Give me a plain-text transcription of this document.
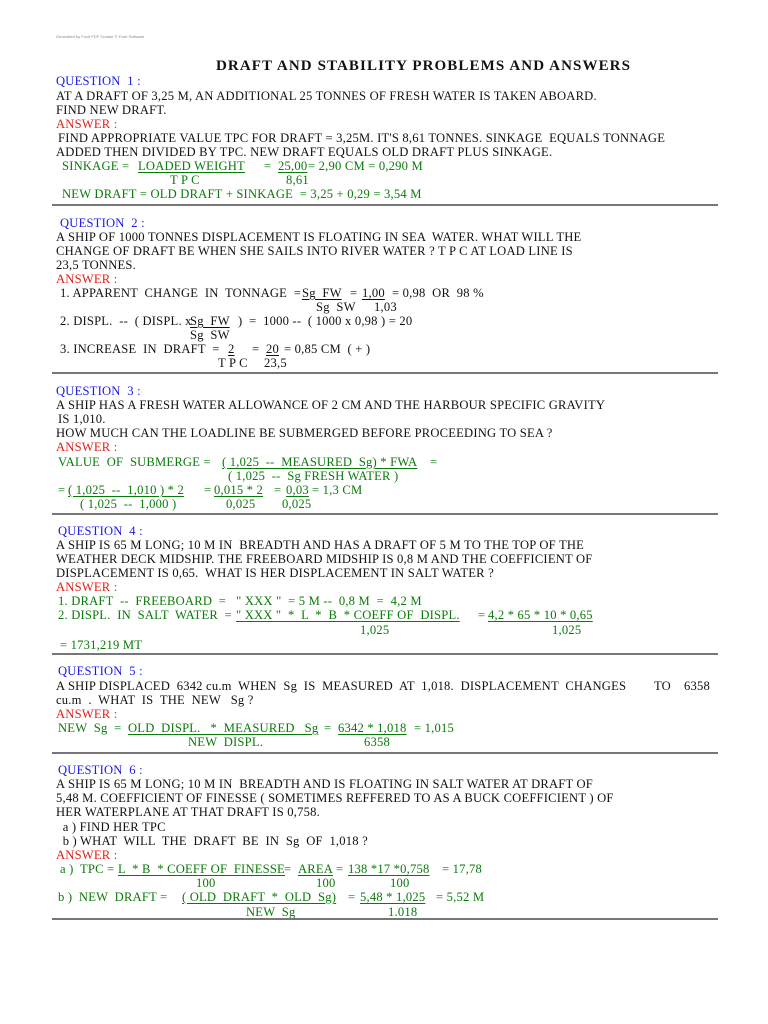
Generated by Foxit PDF Creator © Foxit Software
DRAFT AND STABILITY PROBLEMS AND ANSWERS
QUESTION  1 :
AT A DRAFT OF 3,25 M, AN ADDITIONAL 25 TONNES OF FRESH WATER IS TAKEN ABOARD.
FIND NEW DRAFT.
ANSWER :
FIND APPROPRIATE VALUE TPC FOR DRAFT = 3,25M. IT'S 8,61 TONNES. SINKAGE  EQUALS TONNAGE
ADDED THEN DIVIDED BY TPC. NEW DRAFT EQUALS OLD DRAFT PLUS SINKAGE.
SINKAGE = LOADED WEIGHT = 25,00 = 2,90 CM = 0,290 M
T P C	8,61
NEW DRAFT = OLD DRAFT + SINKAGE  = 3,25 + 0,29 = 3,54 M
QUESTION  2 :
A SHIP OF 1000 TONNES DISPLACEMENT IS FLOATING IN SEA  WATER. WHAT WILL THE
CHANGE OF DRAFT BE WHEN SHE SAILS INTO RIVER WATER ? T P C AT LOAD LINE IS
23,5 TONNES.
ANSWER :
1. APPARENT  CHANGE  IN  TONNAGE  = Sg  FW = 1,00 = 0,98  OR  98 %
Sg  SW 1,03
2. DISPL.  --  ( DISPL. x
Sg  FW )  =  1000 --  ( 1000 x 0,98 ) = 20
Sg  SW
3. INCREASE  IN  DRAFT  = 2	= 20 = 0,85 CM  ( + )
T P C 23,5
QUESTION  3 :
A SHIP HAS A FRESH WATER ALLOWANCE OF 2 CM AND THE HARBOUR SPECIFIC GRAVITY
IS 1,010.
HOW MUCH CAN THE LOADLINE BE SUBMERGED BEFORE PROCEEDING TO SEA ?
ANSWER :
VALUE  OF  SUBMERGE = ( 1,025  --  MEASURED  Sg) * FWA =
( 1,025  --  Sg FRESH WATER )
= ( 1,025  --  1,010 ) * 2 = 0,015 * 2 = 0,03 = 1,3 CM
( 1,025  --  1,000 )	0,025 0,025
QUESTION  4 :
A SHIP IS 65 M LONG; 10 M IN  BREADTH AND HAS A DRAFT OF 5 M TO THE TOP OF THE
WEATHER DECK MIDSHIP. THE FREEBOARD MIDSHIP IS 0,8 M AND THE COEFFICIENT OF
DISPLACEMENT IS 0,65.  WHAT IS HER DISPLACEMENT IN SALT WATER ?
ANSWER :
1. DRAFT  --  FREEBOARD  =   " XXX "  = 5 M --  0,8 M  =  4,2 M
2. DISPL.  IN  SALT  WATER  = " XXX "  *  L  *  B  * COEFF OF  DISPL. = 4,2 * 65 * 10 * 0,65
1,025	1,025
= 1731,219 MT
QUESTION  5 :
A SHIP DISPLACED  6342 cu.m  WHEN  Sg  IS  MEASURED  AT  1,018.  DISPLACEMENT  CHANGES TO 6358
cu.m  .  WHAT  IS  THE  NEW   Sg ?
ANSWER :
NEW  Sg  = OLD  DISPL.   *  MEASURED   Sg = 6342 * 1,018 = 1,015
NEW  DISPL.	6358
QUESTION  6 :
A SHIP IS 65 M LONG; 10 M IN  BREADTH AND IS FLOATING IN SALT WATER AT DRAFT OF
5,48 M. COEFFICIENT OF FINESSE ( SOMETIMES REFFERED TO AS A BUCK COEFFICIENT ) OF
HER WATERPLANE AT THAT DRAFT IS 0,758.
a ) FIND HER TPC
b ) WHAT  WILL  THE  DRAFT  BE  IN  Sg  OF  1,018 ?
ANSWER :
a )  TPC = L  * B  * COEFF OF  FINESSE = AREA = 138 *17 *0,758 = 17,78
100	100	100
b )  NEW  DRAFT = ( OLD  DRAFT  *  OLD  Sg) = 5,48 * 1,025 = 5,52 M
NEW  Sg	1.018
